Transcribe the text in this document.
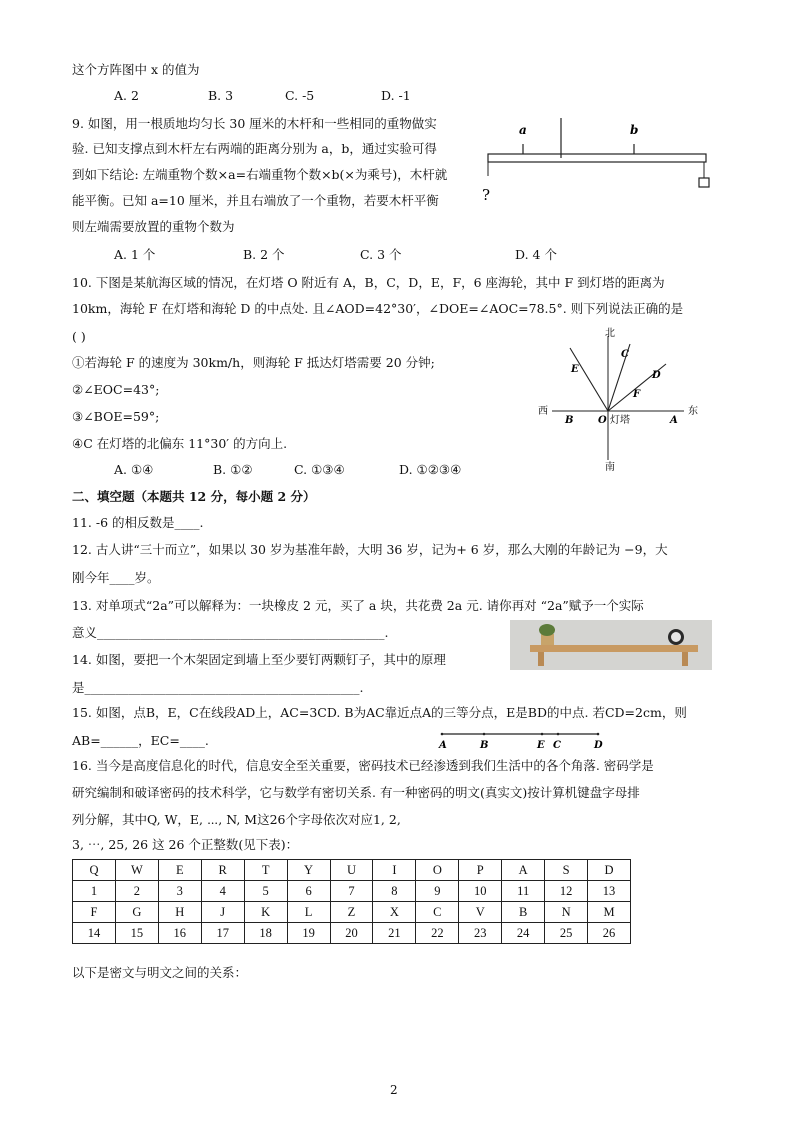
这个方阵图中 x 的值为
A. 2	B. 3	C. -5	D. -1
9. 如图，用一根质地均匀长 30 厘米的木杆和一些相同的重物做实
验. 已知支撑点到木杆左右两端的距离分别为 a，b，通过实验可得
到如下结论: 左端重物个数×a=右端重物个数×b(×为乘号)，木杆就
能平衡。已知 a=10 厘米，并且右端放了一个重物，若要木杆平衡
则左端需要放置的重物个数为
A. 1 个	B. 2 个	C. 3 个	D. 4 个
a	b
?
10. 下图是某航海区域的情况，在灯塔 O 附近有 A，B，C，D，E，F，6 座海轮，其中 F 到灯塔的距离为
10km，海轮 F 在灯塔和海轮 D 的中点处. 且∠AOD=42°30′，∠DOE=∠AOC=78.5°. 则下列说法正确的是
( )
①若海轮 F 的速度为 30km/h，则海轮 F 抵达灯塔需要 20 分钟;
②∠EOC=43°;
③∠BOE=59°;
④C 在灯塔的北偏东 11°30′ 的方向上.
A. ①④	B. ①②	C. ①③④	D. ①②③④
北
南
西	东
O 灯塔	A
B
C
D
E
F
二、填空题（本题共 12 分，每小题 2 分）
11. -6 的相反数是____.
12. 古人讲“三十而立”，如果以 30 岁为基准年龄，大明 36 岁，记为+ 6 岁，那么大刚的年龄记为 −9，大
刚今年____岁。
13. 对单项式“2a”可以解释为：一块橡皮 2 元，买了 a 块，共花费 2a 元. 请你再对 “2a”赋予一个实际
意义______________________________________________.
14. 如图，要把一个木架固定到墙上至少要钉两颗钉子，其中的原理
是____________________________________________.
15. 如图，点B，E，C在线段AD上，AC=3CD. B为AC靠近点A的三等分点，E是BD的中点. 若CD=2cm，则
AB=______，EC=____.	A	B	E C	D
16. 当今是高度信息化的时代，信息安全至关重要，密码技术已经渗透到我们生活中的各个角落. 密码学是
研究编制和破译密码的技术科学，它与数学有密切关系. 有一种密码的明文(真实文)按计算机键盘字母排
列分解，其中Q, W，E, ⋯, N, M这26个字母依次对应1, 2,
3, ⋯, 25, 26 这 26 个正整数(见下表)：
Q	W	E	R	T	Y	U	I	O	P	A	S	D
1	2	3	4	5	6	7	8	9	10	11	12	13
F	G	H	J	K	L	Z	X	C	V	B	N	M
14	15	16	17	18	19	20	21	22	23	24	25	26
以下是密文与明文之间的关系：
2
